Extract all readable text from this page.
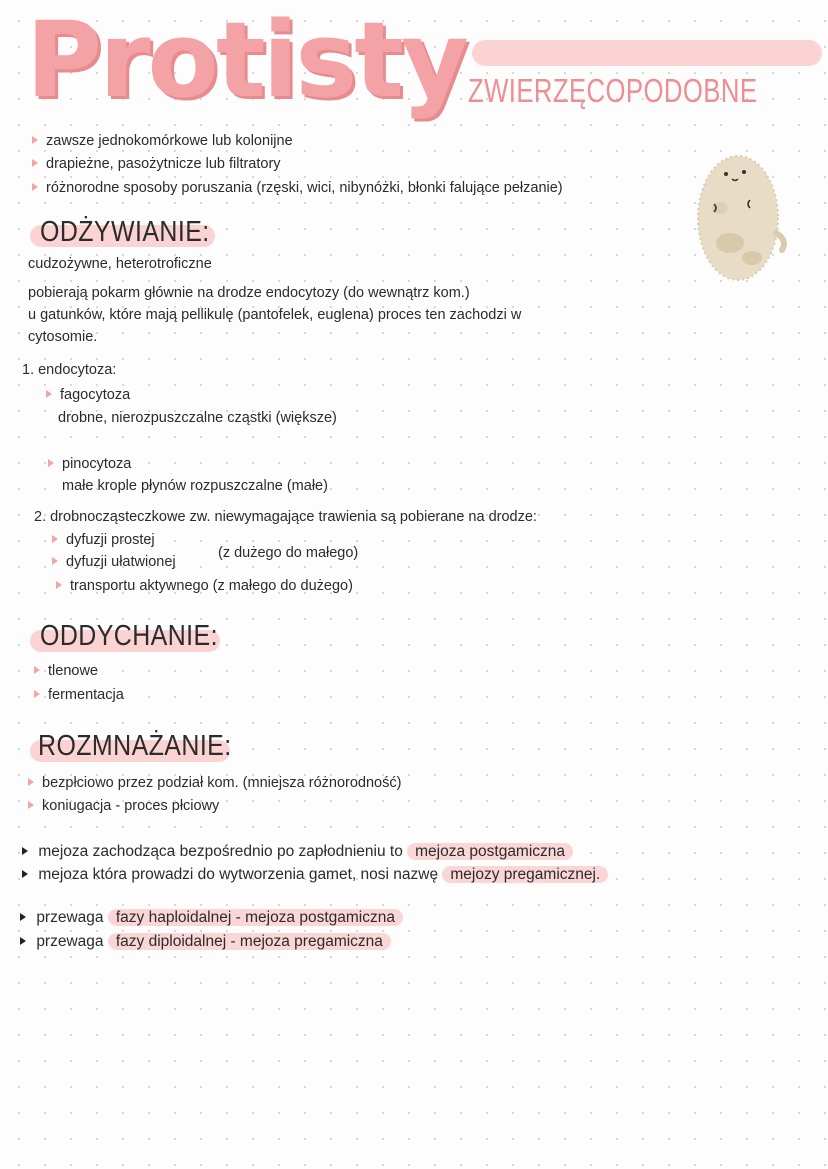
Protisty ZWIERZĘCOPODOBNE
zawsze jednokomórkowe lub kolonijne
drapieżne, pasożytnicze lub filtratory
różnorodne sposoby poruszania (rzęski, wici, nibynóżki, błonki falujące pełzanie)
ODŻYWIANIE:
cudzożywne, heterotroficzne
pobierają pokarm głównie na drodze endocytozy (do wewnątrz kom.)
u gatunków, które mają pellikulę (pantofelek, euglena) proces ten zachodzi w
cytosomie.
1. endocytoza:
fagocytoza
drobne, nierozpuszczalne cząstki (większe)
pinocytoza
małe krople płynów rozpuszczalne (małe)
2. drobnocząsteczkowe zw. niewymagające trawienia są pobierane na drodze:
dyfuzji prostej
dyfuzji ułatwionej
(z dużego do małego)
transportu aktywnego (z małego do dużego)
ODDYCHANIE:
tlenowe
fermentacja
ROZMNAŻANIE:
bezpłciowo przez podział kom. (mniejsza różnorodność)
koniugacja - proces płciowy
mejoza zachodząca bezpośrednio po zapłodnieniu to mejoza postgamiczna
mejoza która prowadzi do wytworzenia gamet, nosi nazwę mejozy pregamicznej.
przewaga fazy haploidalnej - mejoza postgamiczna
przewaga fazy diploidalnej - mejoza pregamiczna
